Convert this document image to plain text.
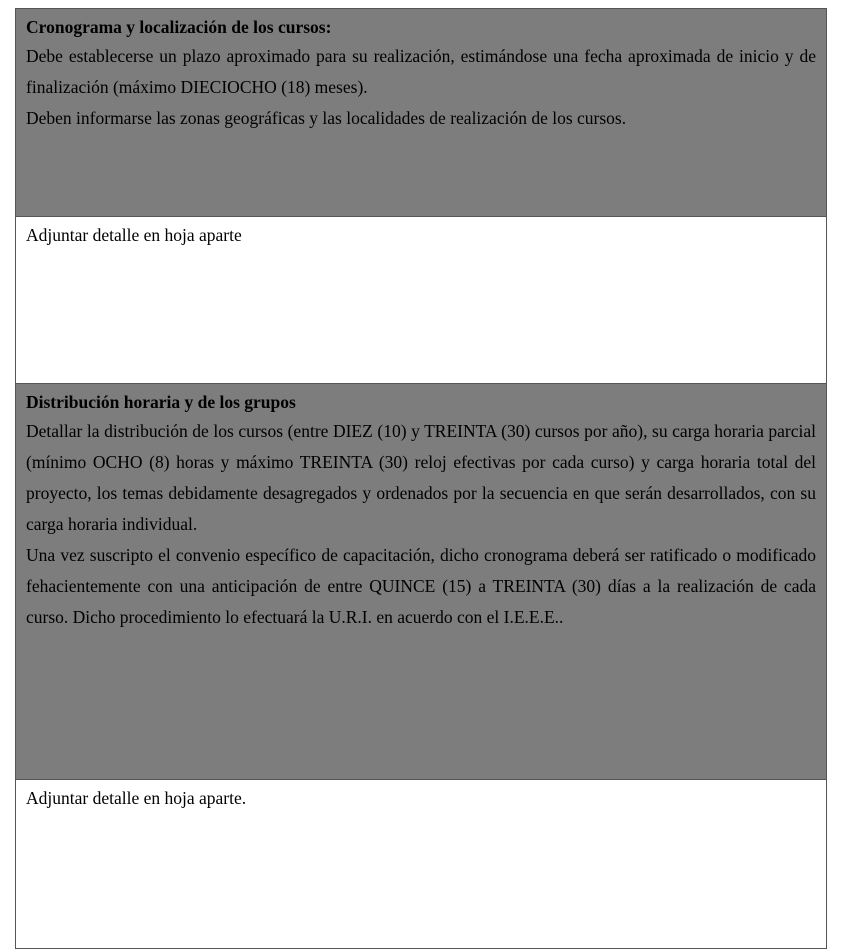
Cronograma y localización de los cursos:

Debe establecerse un plazo aproximado para su realización, estimándose una fecha aproximada de inicio y de finalización (máximo DIECIOCHO (18) meses).

Deben informarse las zonas geográficas y las localidades de realización de los cursos.

Adjuntar detalle en hoja aparte

Distribución horaria y de los grupos

Detallar la distribución de los cursos (entre DIEZ (10) y TREINTA (30) cursos por año), su carga horaria parcial (mínimo OCHO (8) horas y máximo TREINTA (30) reloj efectivas por cada curso) y carga horaria total del proyecto, los temas debidamente desagregados y ordenados por la secuencia en que serán desarrollados, con su carga horaria individual.

Una vez suscripto el convenio específico de capacitación, dicho cronograma deberá ser ratificado o modificado fehacientemente con una anticipación de entre QUINCE (15) a TREINTA (30) días a la realización de cada curso. Dicho procedimiento lo efectuará la U.R.I. en acuerdo con el I.E.E.E..

Adjuntar detalle en hoja aparte.
